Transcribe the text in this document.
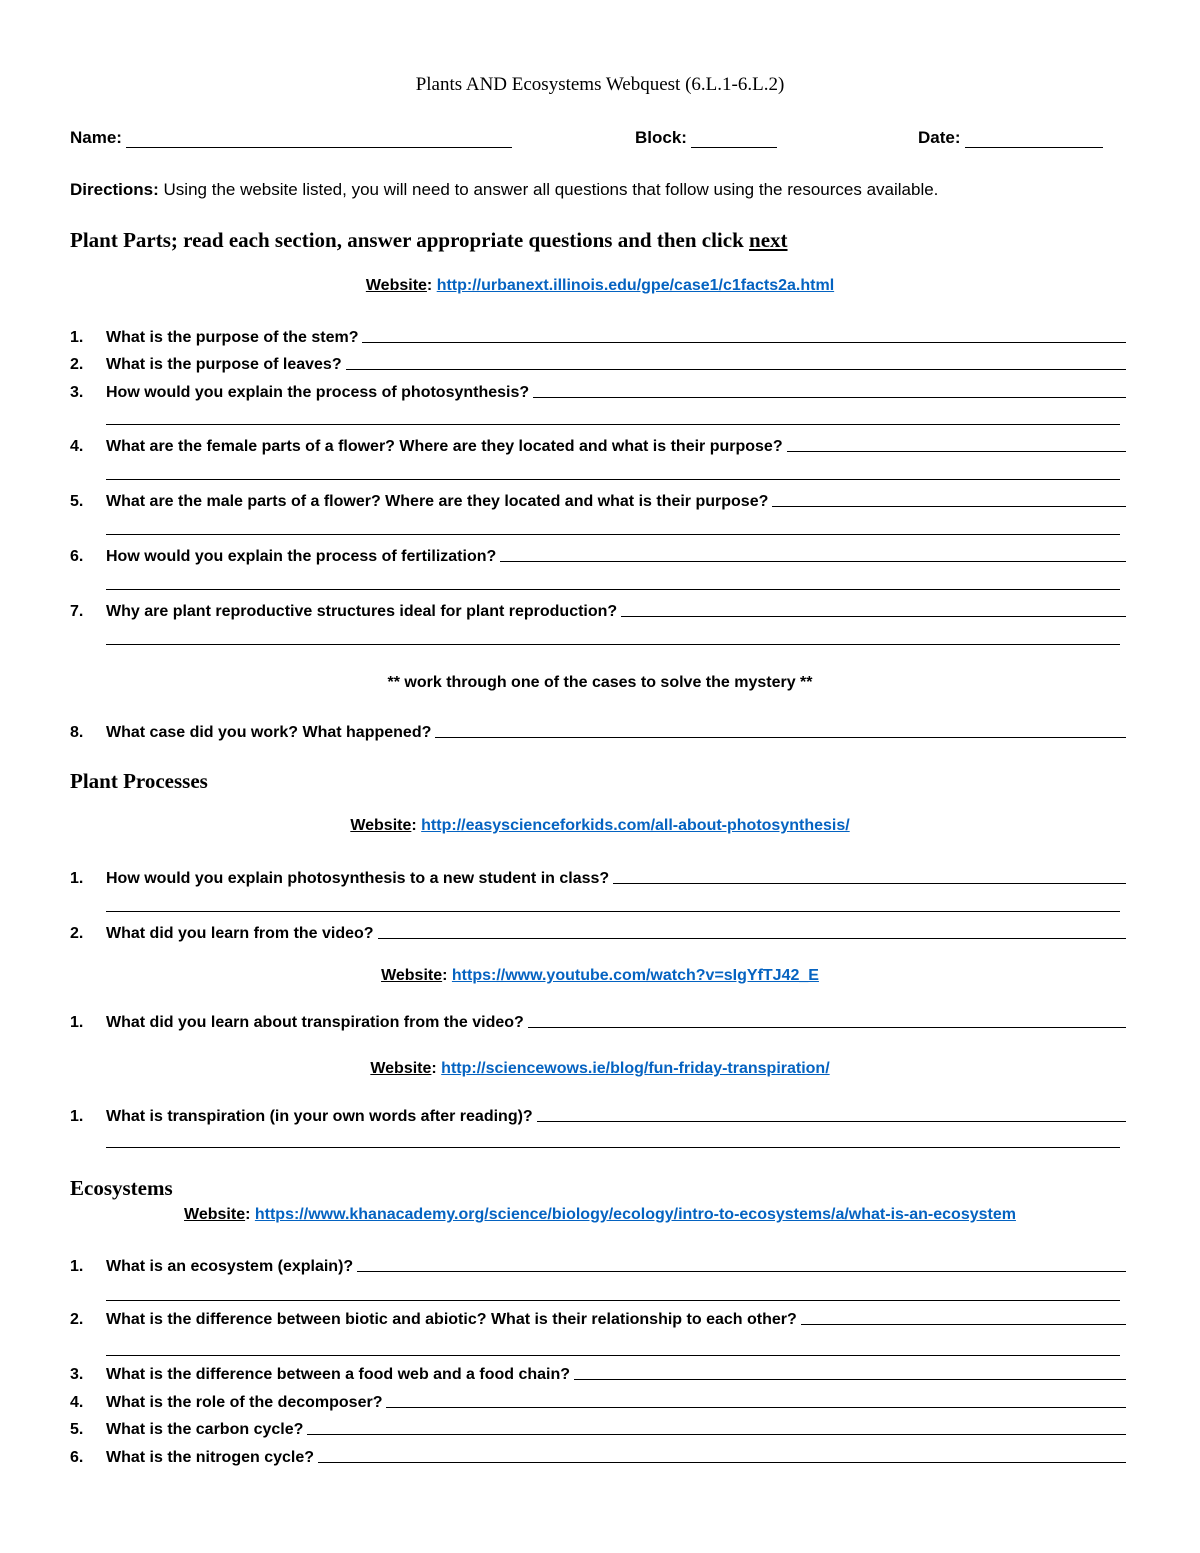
Plants AND Ecosystems Webquest (6.L.1-6.L.2)
Name:	Block:	Date:
Directions: Using the website listed, you will need to answer all questions that follow using the resources available.
Plant Parts; read each section, answer appropriate questions and then click next
Website: http://urbanext.illinois.edu/gpe/case1/c1facts2a.html
1.	What is the purpose of the stem?
2.	What is the purpose of leaves?
3.	How would you explain the process of photosynthesis?
4.	What are the female parts of a flower? Where are they located and what is their purpose?
5.	What are the male parts of a flower? Where are they located and what is their purpose?
6.	How would you explain the process of fertilization?
7.	Why are plant reproductive structures ideal for plant reproduction?
** work through one of the cases to solve the mystery **
8.	What case did you work? What happened?
Plant Processes
Website: http://easyscienceforkids.com/all-about-photosynthesis/
1.	How would you explain photosynthesis to a new student in class?
2.	What did you learn from the video?
Website: https://www.youtube.com/watch?v=sIgYfTJ42_E
1.	What did you learn about transpiration from the video?
Website: http://sciencewows.ie/blog/fun-friday-transpiration/
1.	What is transpiration (in your own words after reading)?
Ecosystems
Website: https://www.khanacademy.org/science/biology/ecology/intro-to-ecosystems/a/what-is-an-ecosystem
1.	What is an ecosystem (explain)?
2.	What is the difference between biotic and abiotic? What is their relationship to each other?
3.	What is the difference between a food web and a food chain?
4.	What is the role of the decomposer?
5.	What is the carbon cycle?
6.	What is the nitrogen cycle?
